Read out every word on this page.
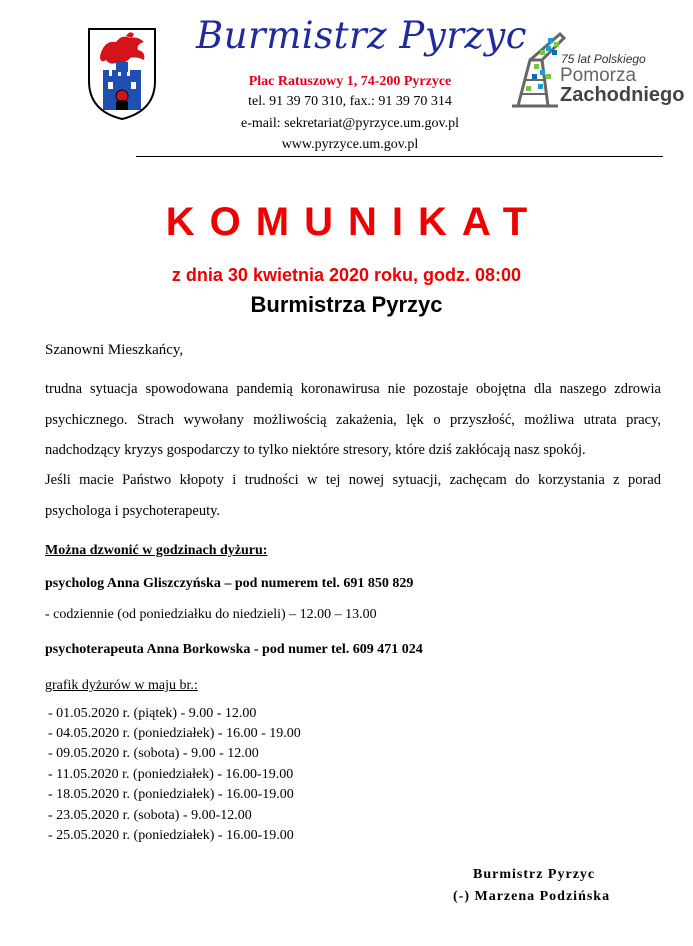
Burmistrz Pyrzyc
Plac Ratuszowy 1, 74-200 Pyrzyce
tel. 91 39 70 310, fax.: 91 39 70 314
e-mail: sekretariat@pyrzyce.um.gov.pl
www.pyrzyce.um.gov.pl
75 lat Polskiego
Pomorza
Zachodniego
KOMUNIKAT
z dnia 30 kwietnia 2020 roku, godz. 08:00
Burmistrza Pyrzyc
Szanowni Mieszkańcy,
trudna sytuacja spowodowana pandemią koronawirusa nie pozostaje obojętna dla naszego zdrowia psychicznego. Strach wywołany możliwością zakażenia, lęk o przyszłość, możliwa utrata pracy, nadchodzący kryzys gospodarczy to tylko niektóre stresory, które dziś zakłócają nasz spokój.
Jeśli macie Państwo kłopoty i trudności w tej nowej sytuacji, zachęcam do korzystania z porad psychologa i psychoterapeuty.
Można dzwonić w godzinach dyżuru:
psycholog Anna Gliszczyńska – pod numerem tel. 691 850 829
- codziennie (od poniedziałku do niedzieli) – 12.00 – 13.00
psychoterapeuta Anna Borkowska - pod numer tel. 609 471 024
grafik dyżurów w maju br.:
- 01.05.2020 r. (piątek) - 9.00 - 12.00
- 04.05.2020 r. (poniedziałek) - 16.00 - 19.00
- 09.05.2020 r. (sobota) - 9.00 - 12.00
- 11.05.2020 r. (poniedziałek) - 16.00-19.00
- 18.05.2020 r. (poniedziałek) - 16.00-19.00
- 23.05.2020 r. (sobota) - 9.00-12.00
- 25.05.2020 r. (poniedziałek) - 16.00-19.00
Burmistrz Pyrzyc
(-) Marzena Podzińska
